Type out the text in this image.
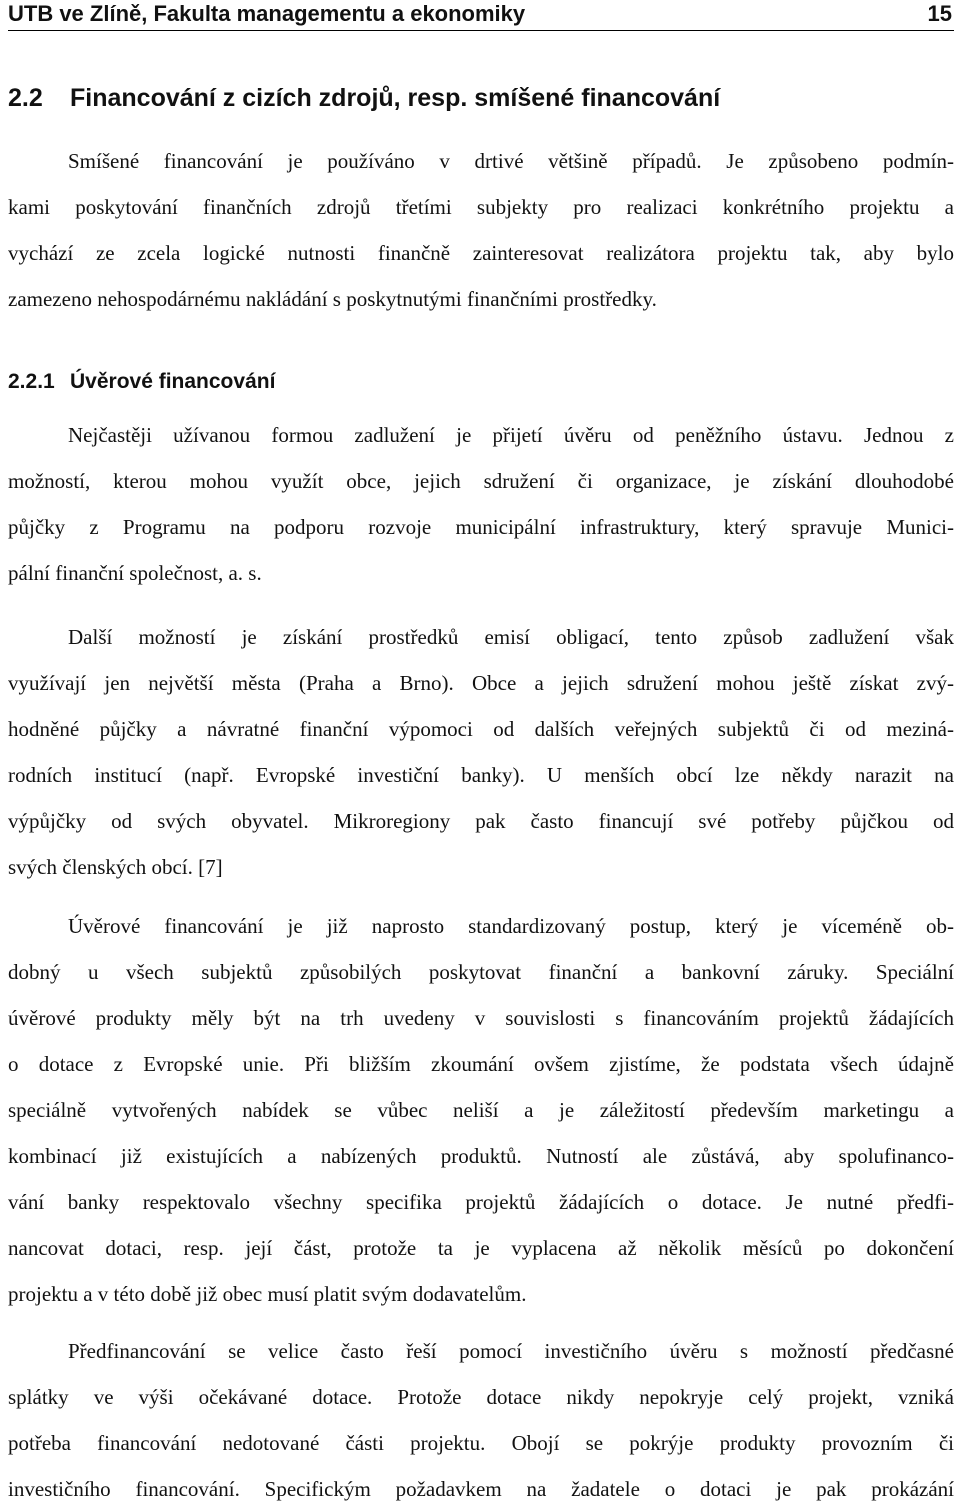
UTB ve Zlíně, Fakulta managementu a ekonomiky	15
2.2 Financování z cizích zdrojů, resp. smíšené financování
Smíšené financování je používáno v drtivé většině případů. Je způsobeno podmín-
kami poskytování finančních zdrojů třetími subjekty pro realizaci konkrétního projektu a
vychází ze zcela logické nutnosti finančně zainteresovat realizátora projektu tak, aby bylo
zamezeno nehospodárnému nakládání s poskytnutými finančními prostředky.
2.2.1 Úvěrové financování
Nejčastěji užívanou formou zadlužení je přijetí úvěru od peněžního ústavu. Jednou z
možností, kterou mohou využít obce, jejich sdružení či organizace, je získání dlouhodobé
půjčky z Programu na podporu rozvoje municipální infrastruktury, který spravuje Munici-
pální finanční společnost, a. s.
Další možností je získání prostředků emisí obligací, tento způsob zadlužení však
využívají jen největší města (Praha a Brno). Obce a jejich sdružení mohou ještě získat zvý-
hodněné půjčky a návratné finanční výpomoci od dalších veřejných subjektů či od meziná-
rodních institucí (např. Evropské investiční banky). U menších obcí lze někdy narazit na
výpůjčky od svých obyvatel. Mikroregiony pak často financují své potřeby půjčkou od
svých členských obcí. [7]
Úvěrové financování je již naprosto standardizovaný postup, který je víceméně ob-
dobný u všech subjektů způsobilých poskytovat finanční a bankovní záruky. Speciální
úvěrové produkty měly být na trh uvedeny v souvislosti s financováním projektů žádajících
o dotace z Evropské unie. Při bližším zkoumání ovšem zjistíme, že podstata všech údajně
speciálně vytvořených nabídek se vůbec neliší a je záležitostí především marketingu a
kombinací již existujících a nabízených produktů. Nutností ale zůstává, aby spolufinanco-
vání banky respektovalo všechny specifika projektů žádajících o dotace. Je nutné předfi-
nancovat dotaci, resp. její část, protože ta je vyplacena až několik měsíců po dokončení
projektu a v této době již obec musí platit svým dodavatelům.
Předfinancování se velice často řeší pomocí investičního úvěru s možností předčasné
splátky ve výši očekávané dotace. Protože dotace nikdy nepokryje celý projekt, vzniká
potřeba financování nedotované části projektu. Obojí se pokrýje produkty provozním či
investičního financování. Specifickým požadavkem na žadatele o dotaci je pak prokázání
